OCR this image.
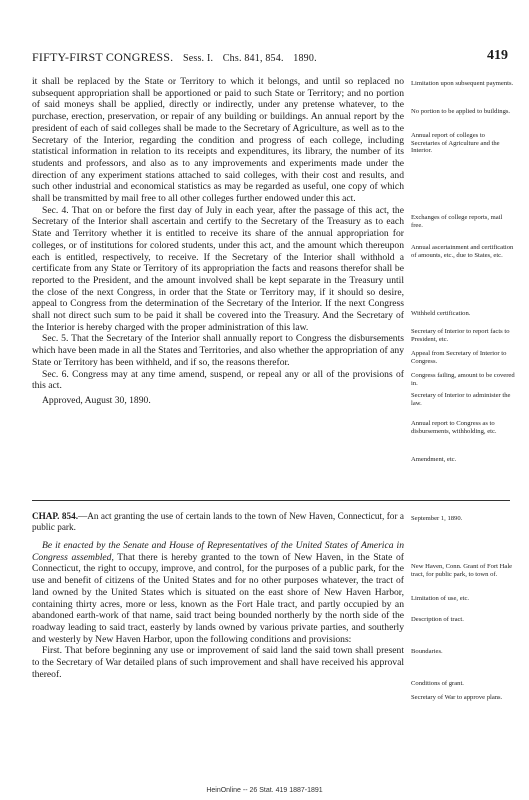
FIFTY-FIRST CONGRESS. Sess. I. Chs. 841, 854. 1890.	419

it shall be replaced by the State or Territory to which it belongs, and until so replaced no subsequent appropriation shall be apportioned or paid to such State or Territory; and no portion of said moneys shall be applied, directly or indirectly, under any pretense whatever, to the purchase, erection, preservation, or repair of any building or buildings. An annual report by the president of each of said colleges shall be made to the Secretary of Agriculture, as well as to the Secretary of the Interior, regarding the condition and progress of each college, including statistical information in relation to its receipts and expenditures, its library, the number of its students and professors, and also as to any improvements and experiments made under the direction of any experiment stations attached to said colleges, with their cost and results, and such other industrial and economical statistics as may be regarded as useful, one copy of which shall be transmitted by mail free to all other colleges further endowed under this act.

Sec. 4. That on or before the first day of July in each year, after the passage of this act, the Secretary of the Interior shall ascertain and certify to the Secretary of the Treasury as to each State and Territory whether it is entitled to receive its share of the annual appropriation for colleges, or of institutions for colored students, under this act, and the amount which thereupon each is entitled, respectively, to receive. If the Secretary of the Interior shall withhold a certificate from any State or Territory of its appropriation the facts and reasons therefor shall be reported to the President, and the amount involved shall be kept separate in the Treasury until the close of the next Congress, in order that the State or Territory may, if it should so desire, appeal to Congress from the determination of the Secretary of the Interior. If the next Congress shall not direct such sum to be paid it shall be covered into the Treasury. And the Secretary of the Interior is hereby charged with the proper administration of this law.

Sec. 5. That the Secretary of the Interior shall annually report to Congress the disbursements which have been made in all the States and Territories, and also whether the appropriation of any State or Territory has been withheld, and if so, the reasons therefor.

Sec. 6. Congress may at any time amend, suspend, or repeal any or all of the provisions of this act.

Approved, August 30, 1890.

Limitation upon subsequent payments.
No portion to be applied to buildings.
Annual report of colleges to Secretaries of Agriculture and the Interior.
Exchanges of college reports, mail free.
Annual ascertainment and certification of amounts, etc., due to States, etc.
Withheld certification.
Secretary of Interior to report facts to President, etc.
Appeal from Secretary of Interior to Congress.
Congress failing, amount to be covered in.
Secretary of Interior to administer the law.
Annual report to Congress as to disbursements, withholding, etc.
Amendment, etc.
CHAP. 854.—An act granting the use of certain lands to the town of New Haven, Connecticut, for a public park.
September 1, 1890.

Be it enacted by the Senate and House of Representatives of the United States of America in Congress assembled, That there is hereby granted to the town of New Haven, in the State of Connecticut, the right to occupy, improve, and control, for the purposes of a public park, for the use and benefit of citizens of the United States and for no other purposes whatever, the tract of land owned by the United States which is situated on the east shore of New Haven Harbor, containing thirty acres, more or less, known as the Fort Hale tract, and partly occupied by an abandoned earth-work of that name, said tract being bounded northerly by the north side of the roadway leading to said tract, easterly by lands owned by various private parties, and southerly and westerly by New Haven Harbor, upon the following conditions and provisions:

First. That before beginning any use or improvement of said land the said town shall present to the Secretary of War detailed plans of such improvement and shall have received his approval thereof.

New Haven, Conn. Grant of Fort Hale tract, for public park, to town of.
Limitation of use, etc.
Description of tract.
Boundaries.
Conditions of grant.
Secretary of War to approve plans.
HeinOnline -- 26 Stat. 419 1887-1891
